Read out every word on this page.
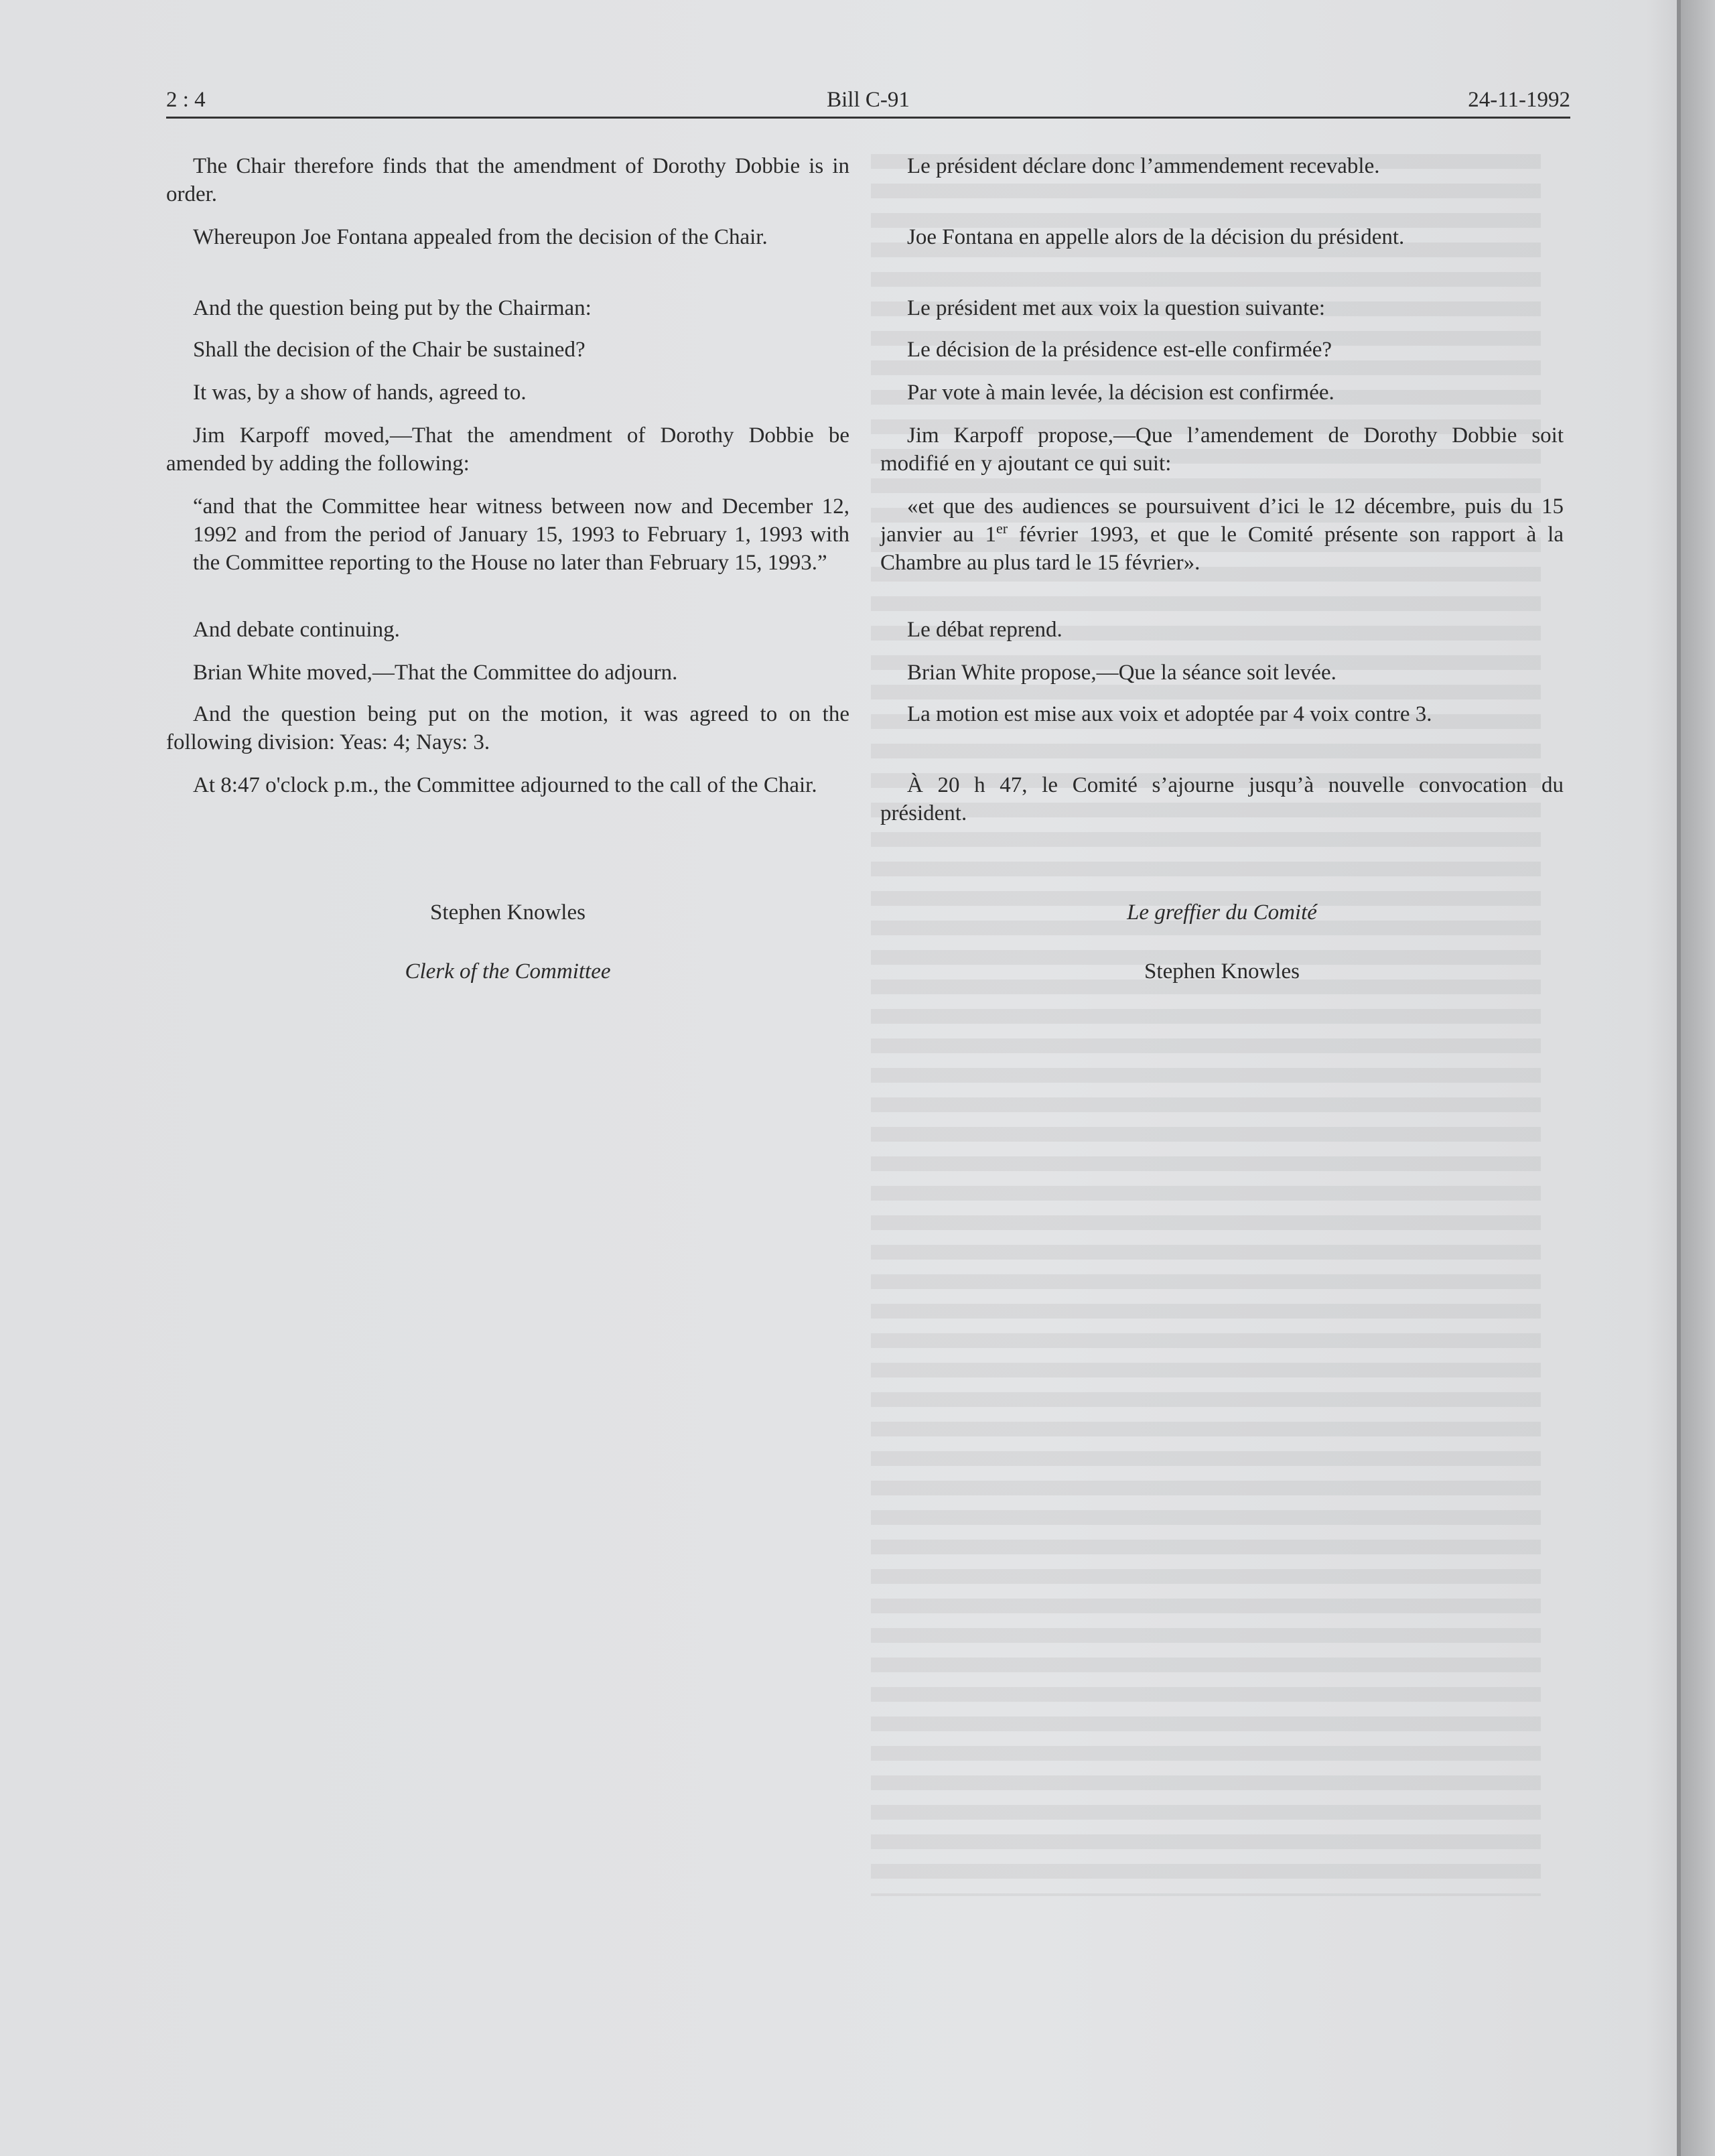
2 : 4	Bill C-91	24-11-1992

The Chair therefore finds that the amendment of Dorothy Dobbie is in order.

Whereupon Joe Fontana appealed from the decision of the Chair.

And the question being put by the Chairman:

Shall the decision of the Chair be sustained?

It was, by a show of hands, agreed to.

Jim Karpoff moved,—That the amendment of Dorothy Dobbie be amended by adding the following:

“and that the Committee hear witness between now and December 12, 1992 and from the period of January 15, 1993 to February 1, 1993 with the Committee reporting to the House no later than February 15, 1993.”

And debate continuing.

Brian White moved,—That the Committee do adjourn.

And the question being put on the motion, it was agreed to on the following division: Yeas: 4; Nays: 3.

At 8:47 o'clock p.m., the Committee adjourned to the call of the Chair.

Stephen Knowles

Clerk of the Committee

Le président déclare donc l’ammendement recevable.

Joe Fontana en appelle alors de la décision du président.

Le président met aux voix la question suivante:

Le décision de la présidence est-elle confirmée?

Par vote à main levée, la décision est confirmée.

Jim Karpoff propose,—Que l’amendement de Dorothy Dobbie soit modifié en y ajoutant ce qui suit:

«et que des audiences se poursuivent d’ici le 12 décembre, puis du 15 janvier au 1er février 1993, et que le Comité présente son rapport à la Chambre au plus tard le 15 février».

Le débat reprend.

Brian White propose,—Que la séance soit levée.

La motion est mise aux voix et adoptée par 4 voix contre 3.

À 20 h 47, le Comité s’ajourne jusqu’à nouvelle convocation du président.

Le greffier du Comité

Stephen Knowles
